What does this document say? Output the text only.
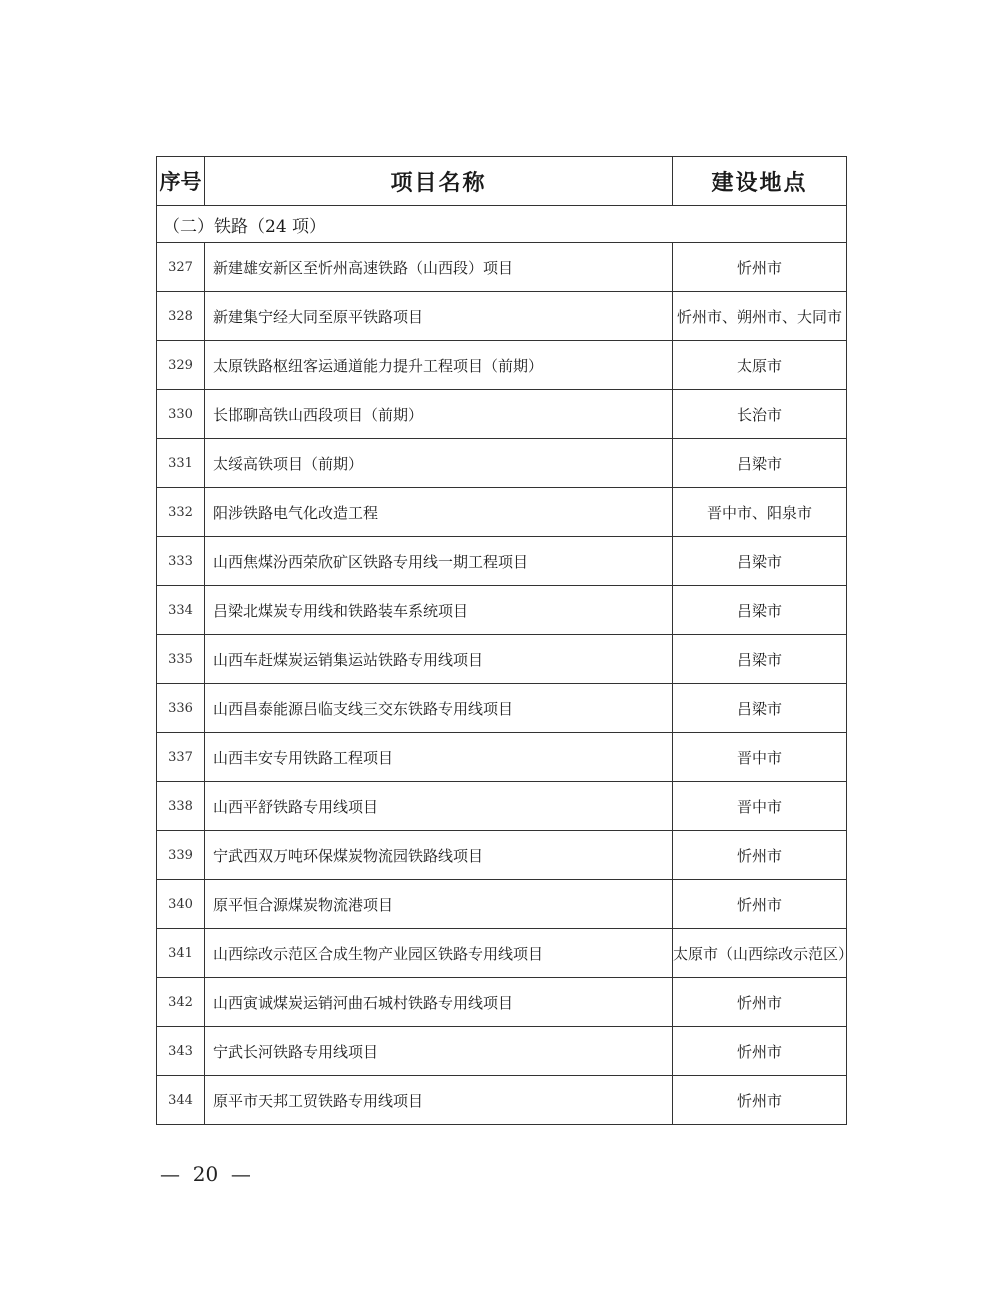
序号	项目名称	建设地点
（二）铁路（24 项）		
327	新建雄安新区至忻州高速铁路（山西段）项目	忻州市
328	新建集宁经大同至原平铁路项目	忻州市、朔州市、大同市
329	太原铁路枢纽客运通道能力提升工程项目（前期）	太原市
330	长邯聊高铁山西段项目（前期）	长治市
331	太绥高铁项目（前期）	吕梁市
332	阳涉铁路电气化改造工程	晋中市、阳泉市
333	山西焦煤汾西荣欣矿区铁路专用线一期工程项目	吕梁市
334	吕梁北煤炭专用线和铁路装车系统项目	吕梁市
335	山西车赶煤炭运销集运站铁路专用线项目	吕梁市
336	山西昌泰能源吕临支线三交东铁路专用线项目	吕梁市
337	山西丰安专用铁路工程项目	晋中市
338	山西平舒铁路专用线项目	晋中市
339	宁武西双万吨环保煤炭物流园铁路线项目	忻州市
340	原平恒合源煤炭物流港项目	忻州市
341	山西综改示范区合成生物产业园区铁路专用线项目	太原市（山西综改示范区）
342	山西寅诚煤炭运销河曲石城村铁路专用线项目	忻州市
343	宁武长河铁路专用线项目	忻州市
344	原平市天邦工贸铁路专用线项目	忻州市
—  20  —
